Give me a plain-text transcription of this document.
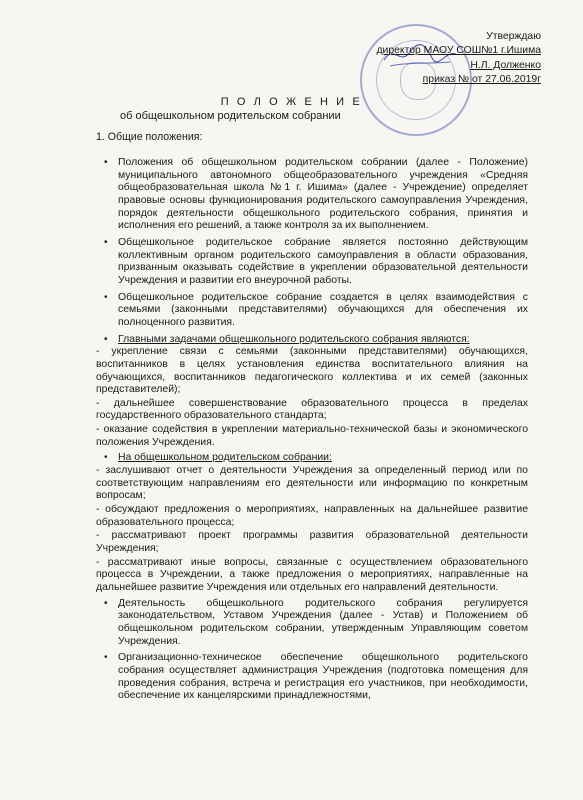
Утверждаю
директор МАОУ СОШ№1 г.Ишима
Н.Л. Долженко
приказ № от 27.06.2019г
П О Л О Ж Е Н И Е
об общешкольном родительском собрании
1. Общие положения:
• Положения об общешкольном родительском собрании (далее - Положение) муниципального автономного общеобразовательного учреждения «Средняя общеобразовательная школа №1 г. Ишима» (далее - Учреждение) определяет правовые основы функционирования родительского самоуправления Учреждения, порядок деятельности общешкольного родительского собрания, принятия и исполнения его решений, а также контроля за их выполнением.
• Общешкольное родительское собрание является постоянно действующим коллективным органом родительского самоуправления в области образования, призванным оказывать содействие в укреплении образовательной деятельности Учреждения и развитии его внеурочной работы.
• Общешкольное родительское собрание создается в целях взаимодействия с семьями (законными представителями) обучающихся для обеспечения их полноценного развития.
• Главными задачами общешкольного родительского собрания являются:
- укрепление связи с семьями (законными представителями) обучающихся, воспитанников в целях установления единства воспитательного влияния на обучающихся, воспитанников педагогического коллектива и их семей (законных представителей);
- дальнейшее совершенствование образовательного процесса в пределах государственного образовательного стандарта;
- оказание содействия в укреплении материально-технической базы и экономического положения Учреждения.
• На общешкольном родительском собрании:
- заслушивают отчет о деятельности Учреждения за определенный период или по соответствующим направлениям его деятельности или информацию по конкретным вопросам;
- обсуждают предложения о мероприятиях, направленных на дальнейшее развитие образовательного процесса;
- рассматривают проект программы развития образовательной деятельности Учреждения;
- рассматривают иные вопросы, связанные с осуществлением образовательного процесса в Учреждении, а также предложения о мероприятиях, направленные на дальнейшее развитие Учреждения или отдельных его направлений деятельности.
• Деятельность общешкольного родительского собрания регулируется законодательством, Уставом Учреждения (далее - Устав) и Положением об общешкольном родительском собрании, утвержденным Управляющим советом Учреждения.
• Организационно-техническое обеспечение общешкольного родительского собрания осуществляет администрация Учреждения (подготовка помещения для проведения собрания, встреча и регистрация его участников, при необходимости, обеспечение их канцелярскими принадлежностями,
